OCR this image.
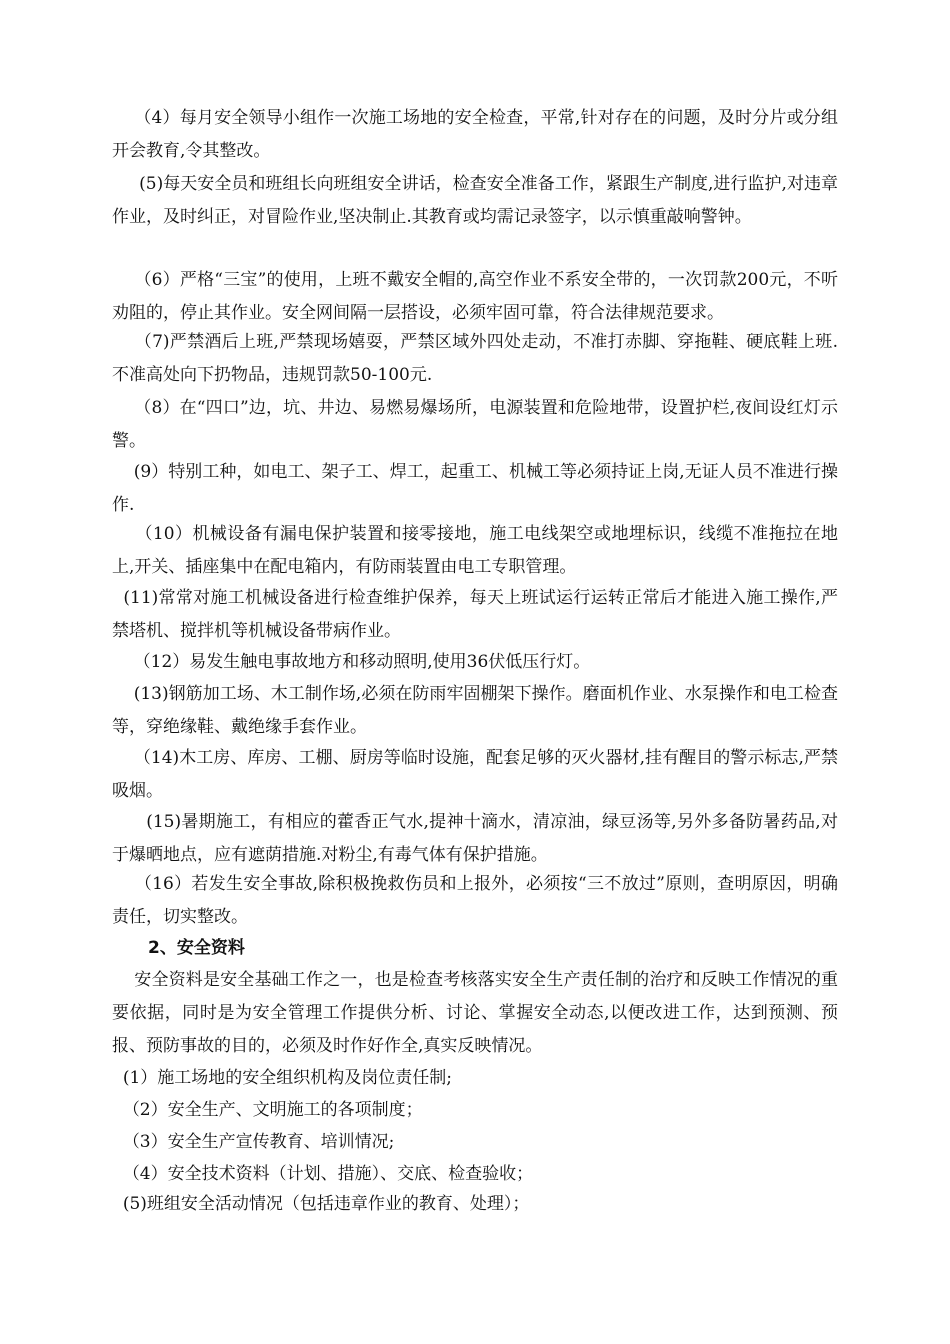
（4）每月安全领导小组作一次施工场地的安全检查，平常,针对存在的问题，及时分片或分组开会教育,令其整改。

(5)每天安全员和班组长向班组安全讲话，检查安全准备工作，紧跟生产制度,进行监护,对违章作业，及时纠正，对冒险作业,坚决制止.其教育或均需记录签字，以示慎重敲响警钟。

（6）严格“三宝”的使用，上班不戴安全帽的,高空作业不系安全带的，一次罚款200元，不听劝阻的，停止其作业。安全网间隔一层搭设，必须牢固可靠，符合法律规范要求。

（7)严禁酒后上班,严禁现场嬉耍，严禁区域外四处走动，不准打赤脚、穿拖鞋、硬底鞋上班.不准高处向下扔物品，违规罚款50-100元.

（8）在“四口”边，坑、井边、易燃易爆场所，电源装置和危险地带，设置护栏,夜间设红灯示警。

(9）特别工种，如电工、架子工、焊工，起重工、机械工等必须持证上岗,无证人员不准进行操作.

（10）机械设备有漏电保护装置和接零接地，施工电线架空或地埋标识，线缆不准拖拉在地上,开关、插座集中在配电箱内，有防雨装置由电工专职管理。

(11)常常对施工机械设备进行检查维护保养，每天上班试运行运转正常后才能进入施工操作,严禁塔机、搅拌机等机械设备带病作业。

（12）易发生触电事故地方和移动照明,使用36伏低压行灯。

(13)钢筋加工场、木工制作场,必须在防雨牢固棚架下操作。磨面机作业、水泵操作和电工检查等，穿绝缘鞋、戴绝缘手套作业。

（14)木工房、库房、工棚、厨房等临时设施，配套足够的灭火器材,挂有醒目的警示标志,严禁吸烟。

(15)暑期施工，有相应的藿香正气水,提神十滴水，清凉油，绿豆汤等,另外多备防暑药品,对于爆晒地点，应有遮荫措施.对粉尘,有毒气体有保护措施。

（16）若发生安全事故,除积极挽救伤员和上报外，必须按“三不放过”原则，查明原因，明确责任，切实整改。

2、安全资料

安全资料是安全基础工作之一，也是检查考核落实安全生产责任制的治疗和反映工作情况的重要依据，同时是为安全管理工作提供分析、讨论、掌握安全动态,以便改进工作，达到预测、预报、预防事故的目的，必须及时作好作全,真实反映情况。

(1）施工场地的安全组织机构及岗位责任制;

（2）安全生产、文明施工的各项制度；

（3）安全生产宣传教育、培训情况;

（4）安全技术资料（计划、措施）、交底、检查验收；

(5)班组安全活动情况（包括违章作业的教育、处理）；
